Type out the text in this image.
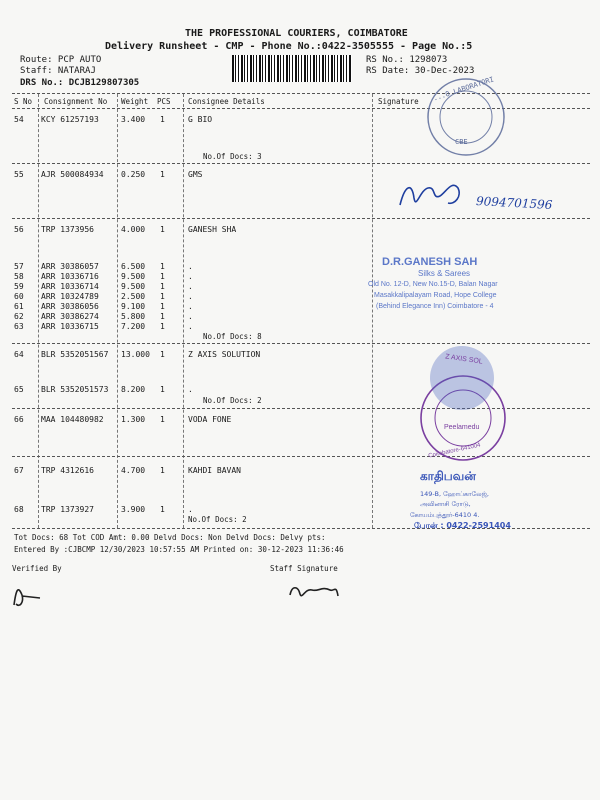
THE PROFESSIONAL COURIERS, COIMBATORE
Delivery Runsheet - CMP - Phone No.:0422-3505555 - Page No.:5
Route: PCP AUTO
Staff: NATARAJ
DRS No.: DCJB129807305
RS No.: 1298073
RS Date: 30-Dec-2023
S No Consignment No Weight PCS Consignee Details	Signature
54 KCY 61257193	3.400 1	G BIO
No.Of Docs: 3
55 AJR 500084934 0.250 1	GMS
56 TRP 1373956	4.000 1	GANESH SHA
57 ARR 30386057	6.500 1	.
58 ARR 10336716	9.500 1	.
59 ARR 10336714	9.500 1	.
60 ARR 10324789	2.500 1	.
61 ARR 30386056	9.100 1	.
62 ARR 30386274	5.800 1	.
63 ARR 10336715	7.200 1	.
No.Of Docs: 8
64 BLR 5352051567 13.000 1	Z AXIS SOLUTION
65 BLR 5352051573 8.200 1	.
No.Of Docs: 2
66 MAA 104480982 1.300 1	VODA FONE
67 TRP 4312616	4.700 1	KAHDI BAVAN
68 TRP 1373927	3.900 1	.
No.Of Docs: 2
Tot Docs: 68 Tot COD Amt: 0.00 Delvd Docs: Non Delvd Docs: Delvy pts:
Entered By :CJBCMP 12/30/2023 10:57:55 AM Printed on: 30-12-2023 11:36:46
Verified By	Staff Signature
...O LABORATORI
CBE
9094701596
D.R.GANESH SAH
Silks & Sarees
Old No. 12-D, New No.15-D, Balan Nagar
Masakkalipalayam Road, Hope College
(Behind Elegance Inn) Coimbatore - 4
Z AXIS SOL
Peelamedu
Coimbatore-641004
காதிபவன்
149-B, ஹோப்காலேஜ்,
அவினாசி ரோடு,
கோயம்புத்தூர்-6410 4.
போன் : 0422-2591404
